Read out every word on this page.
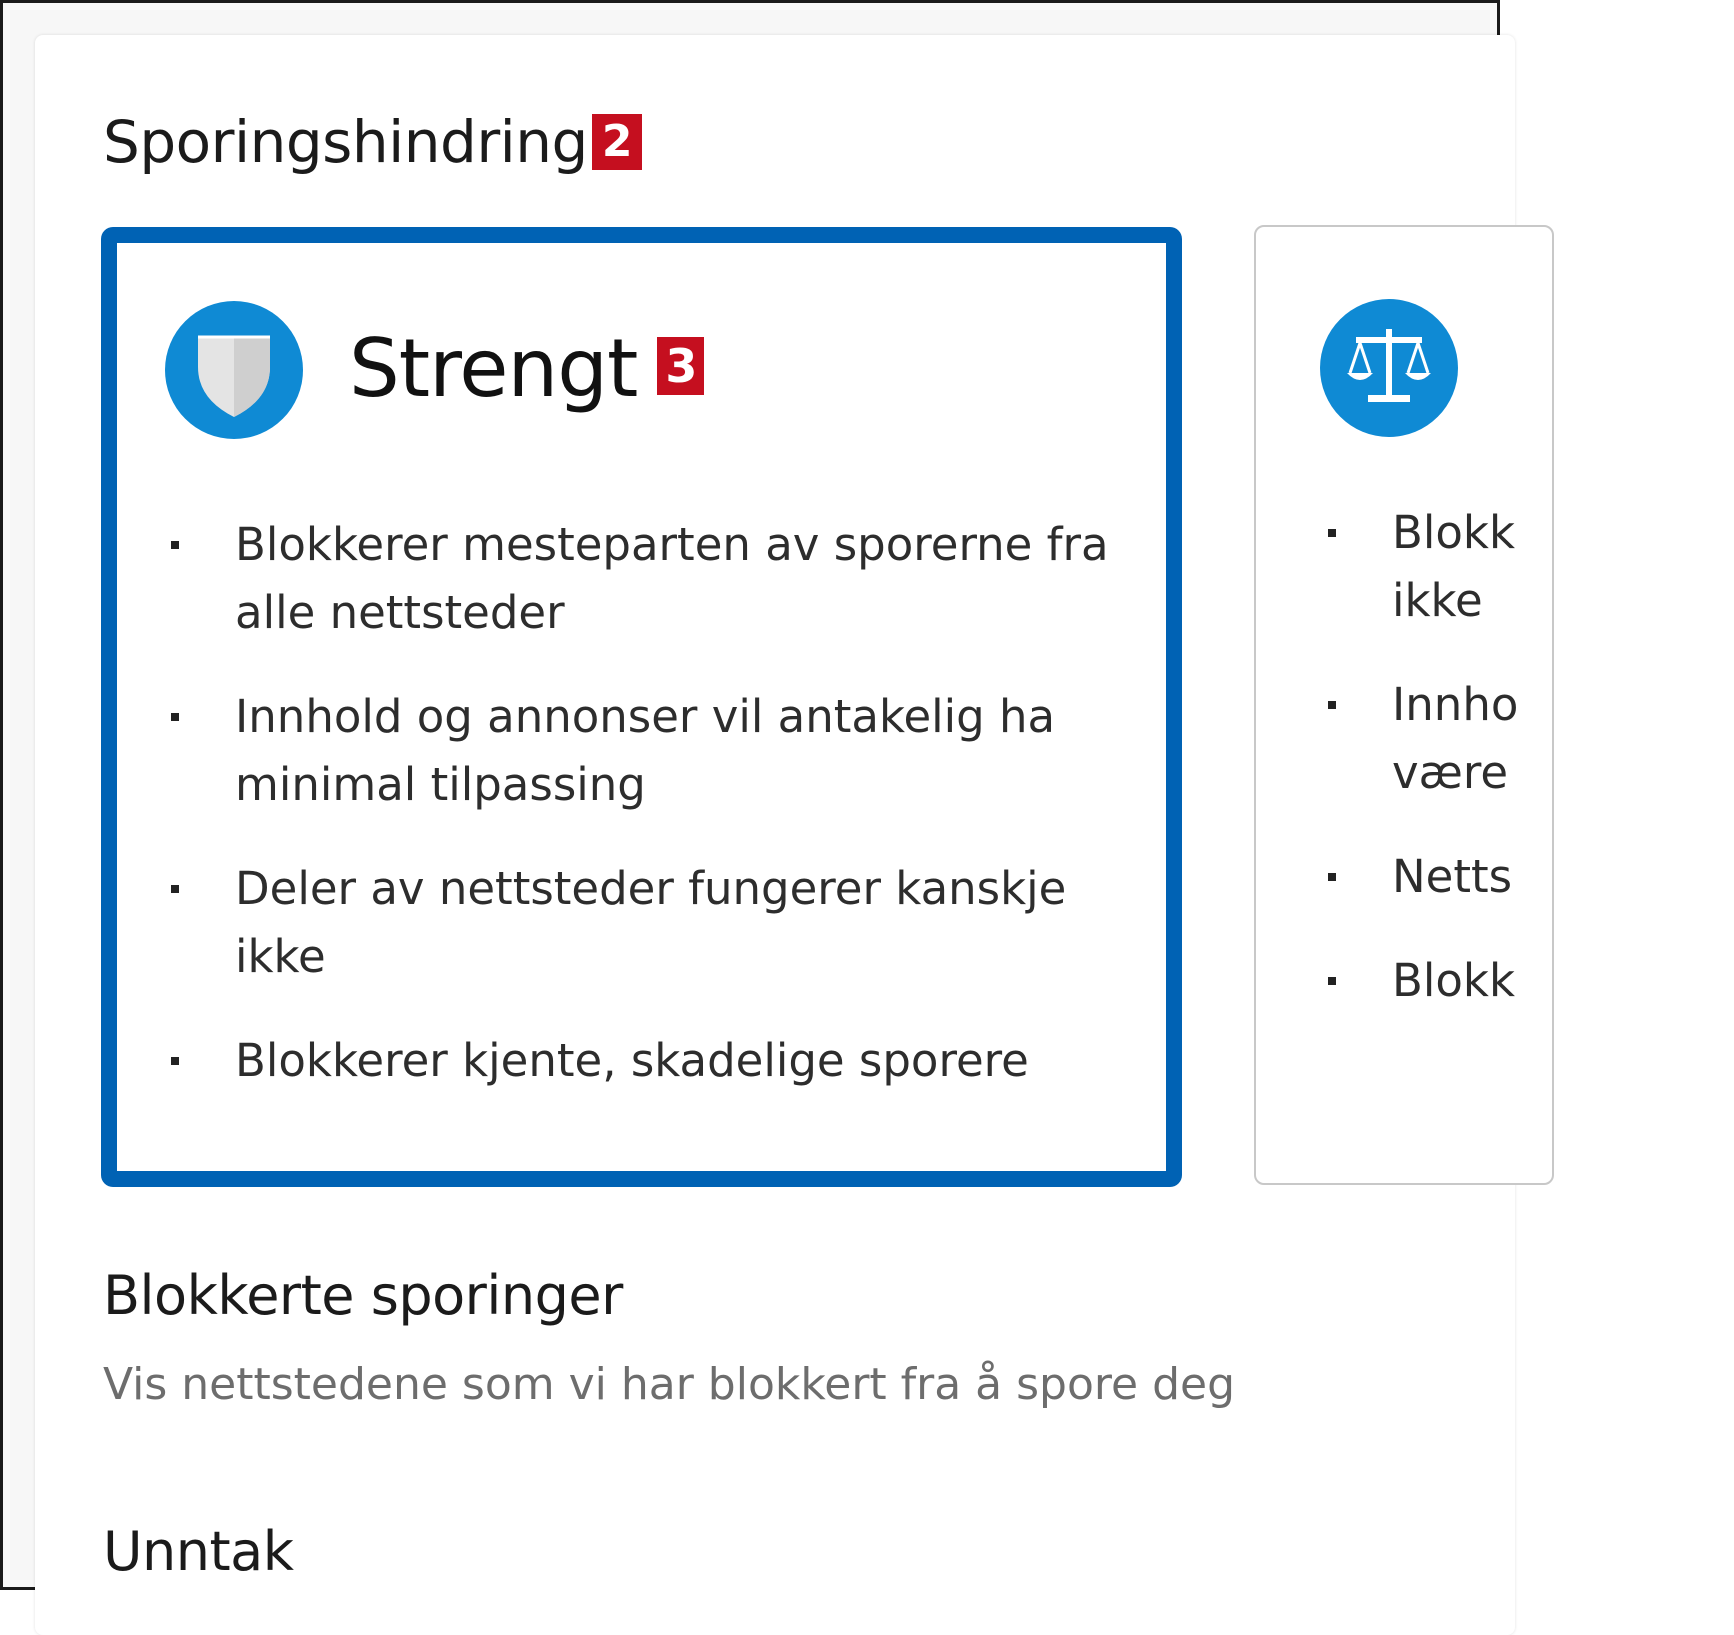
Sporingshindring 2
Strengt 3
Blokkerer mesteparten av sporerne fra alle nettsteder
Innhold og annonser vil antakelig ha minimal tilpassing
Deler av nettsteder fungerer kanskje ikke
Blokkerer kjente, skadelige sporere
Blokk
ikke
Innho
være
Netts
Blokk
Blokkerte sporinger
Vis nettstedene som vi har blokkert fra å spore deg
Unntak
